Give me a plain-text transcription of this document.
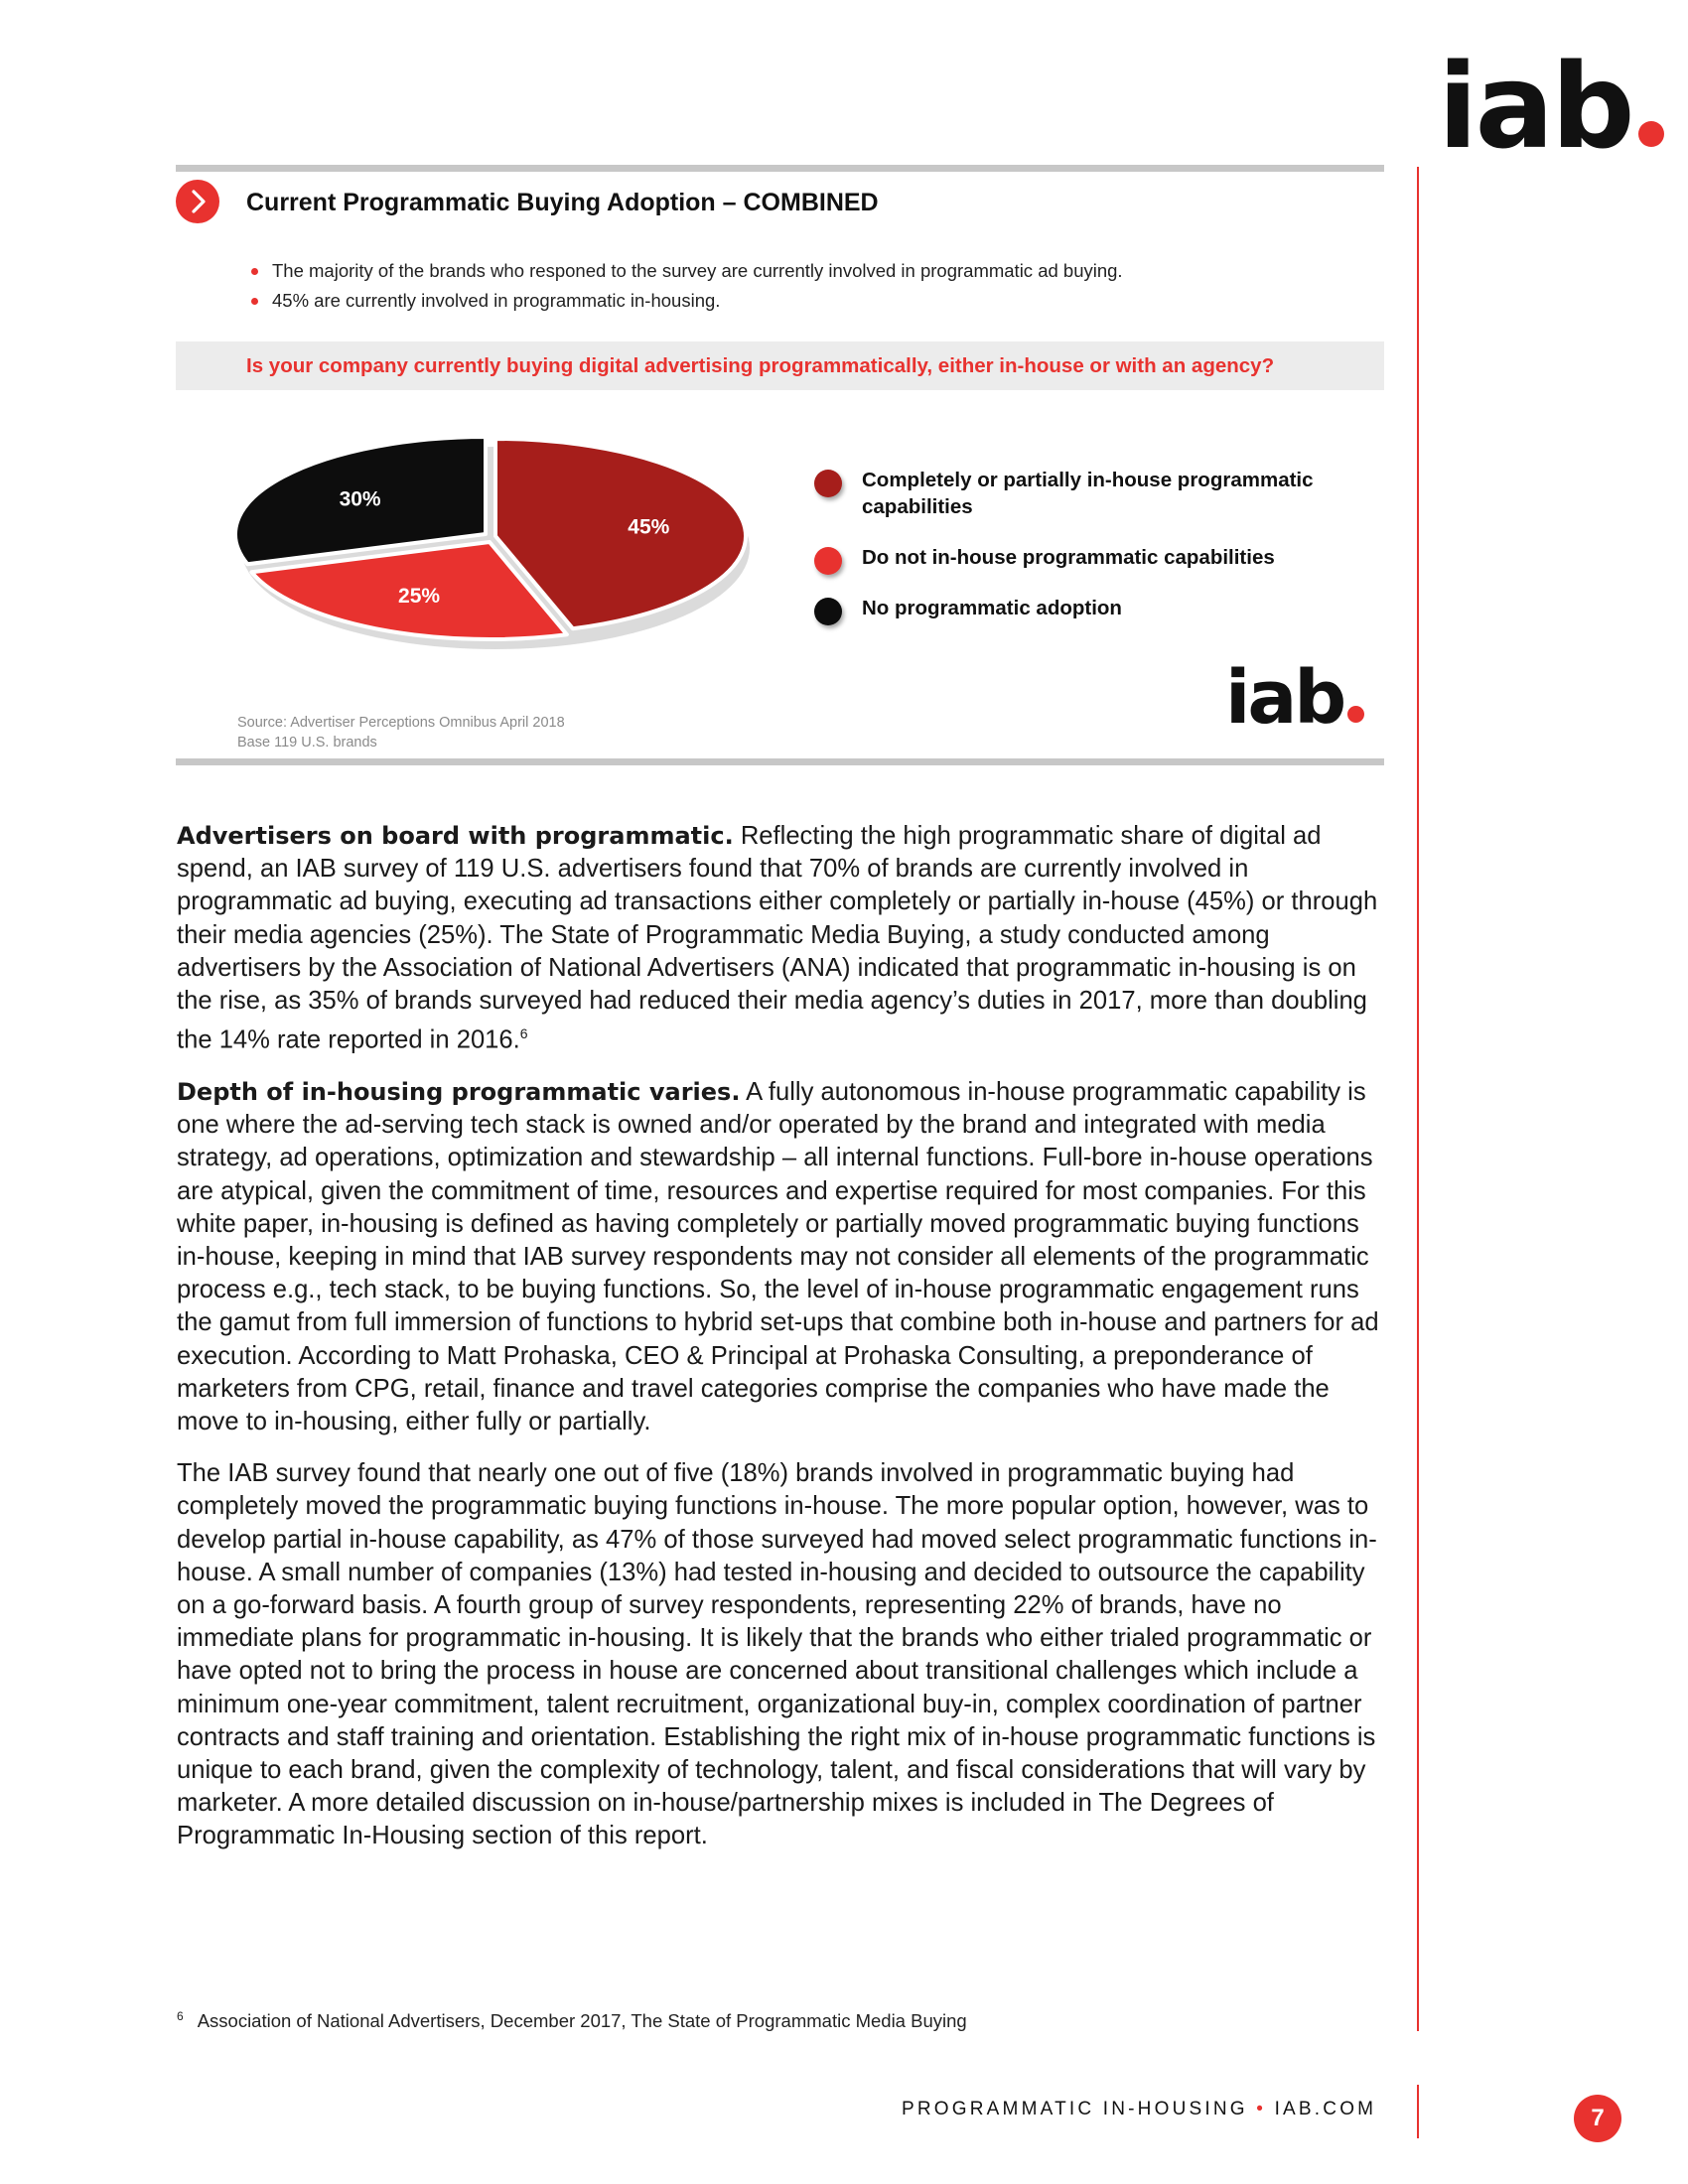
iab
Current Programmatic Buying Adoption – COMBINED
The majority of the brands who responed to the survey are currently involved in programmatic ad buying.
45% are currently involved in programmatic in-housing.
Is your company currently buying digital advertising programmatically, either in-house or with an agency?
45%
25%
30%
Completely or partially in-house programmatic capabilities
Do not in-house programmatic capabilities
No programmatic adoption
Source: Advertiser Perceptions Omnibus April 2018
Base 119 U.S. brands
iab

Advertisers on board with programmatic. Reflecting the high programmatic share of digital ad spend, an IAB survey of 119 U.S. advertisers found that 70% of brands are currently involved in programmatic ad buying, executing ad transactions either completely or partially in-house (45%) or through their media agencies (25%). The State of Programmatic Media Buying, a study conducted among advertisers by the Association of National Advertisers (ANA) indicated that programmatic in-housing is on the rise, as 35% of brands surveyed had reduced their media agency’s duties in 2017, more than doubling the 14% rate reported in 2016.$^6$

Depth of in-housing programmatic varies. A fully autonomous in-house programmatic capability is one where the ad-serving tech stack is owned and/or operated by the brand and integrated with media strategy, ad operations, optimization and stewardship – all internal functions. Full-bore in-house operations are atypical, given the commitment of time, resources and expertise required for most companies. For this white paper, in-housing is defined as having completely or partially moved programmatic buying functions in-house, keeping in mind that IAB survey respondents may not consider all elements of the programmatic process e.g., tech stack, to be buying functions. So, the level of in-house programmatic engagement runs the gamut from full immersion of functions to hybrid set-ups that combine both in-house and partners for ad execution. According to Matt Prohaska, CEO & Principal at Prohaska Consulting, a preponderance of marketers from CPG, retail, finance and travel categories comprise the companies who have made the move to in-housing, either fully or partially.

The IAB survey found that nearly one out of five (18%) brands involved in programmatic buying had completely moved the programmatic buying functions in-house. The more popular option, however, was to develop partial in-house capability, as 47% of those surveyed had moved select programmatic functions in-house. A small number of companies (13%) had tested in-housing and decided to outsource the capability on a go-forward basis. A fourth group of survey respondents, representing 22% of brands, have no immediate plans for programmatic in-housing. It is likely that the brands who either trialed programmatic or have opted not to bring the process in house are concerned about transitional challenges which include a minimum one-year commitment, talent recruitment, organizational buy-in, complex coordination of partner contracts and staff training and orientation. Establishing the right mix of in-house programmatic functions is unique to each brand, given the complexity of technology, talent, and fiscal considerations that will vary by marketer. A more detailed discussion on in-house/partnership mixes is included in The Degrees of Programmatic In-Housing section of this report.

$^6$ Association of National Advertisers, December 2017, The State of Programmatic Media Buying
PROGRAMMATIC IN-HOUSING • IAB.COM	7
